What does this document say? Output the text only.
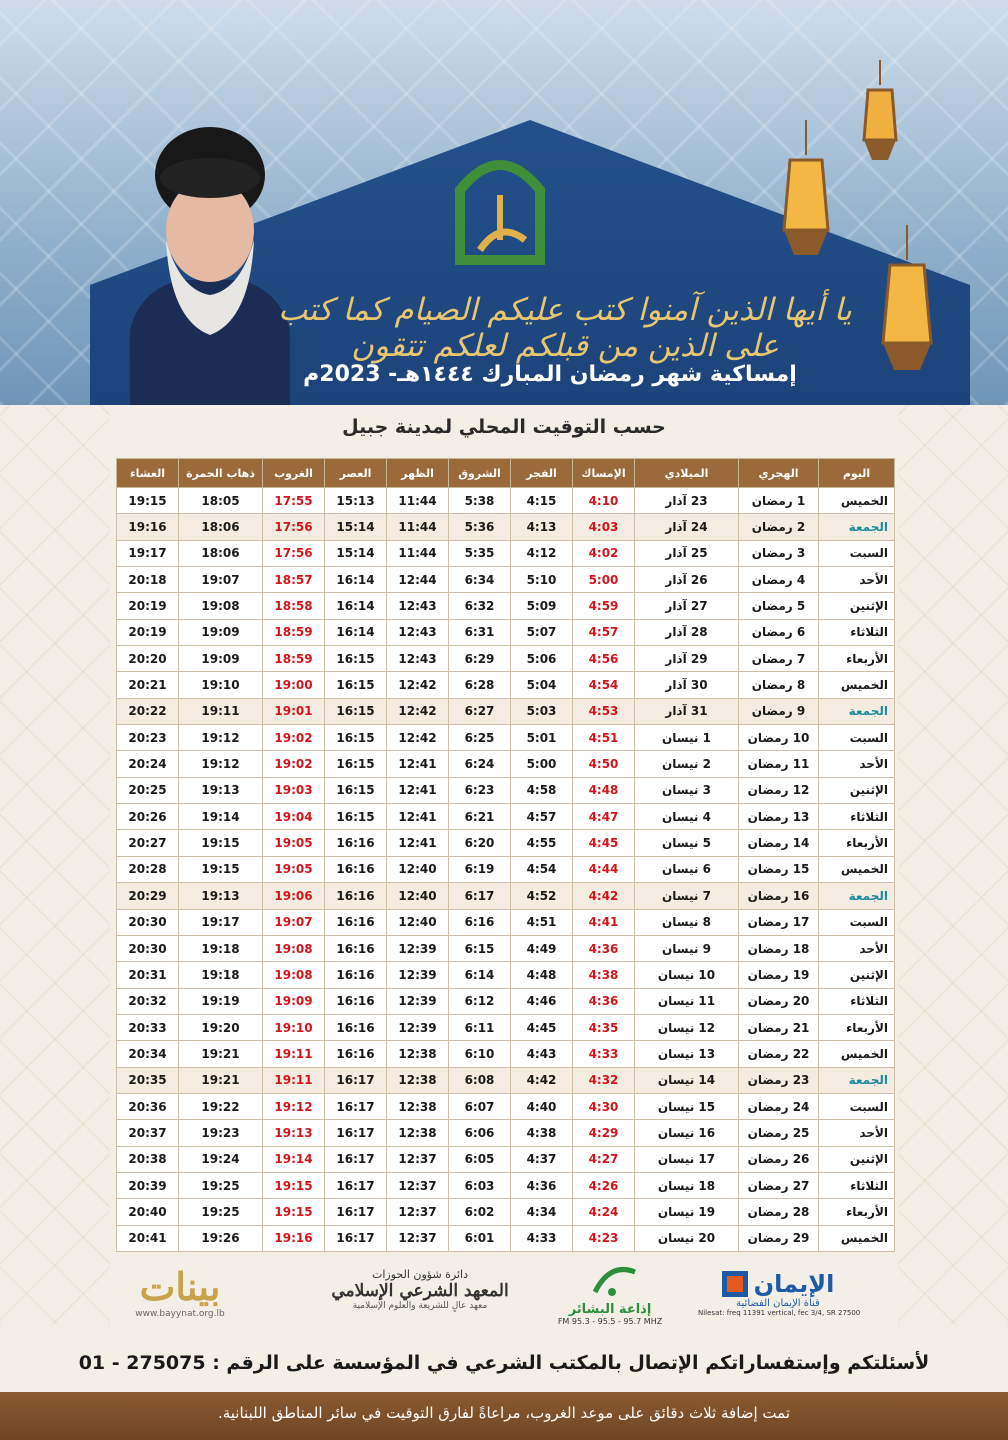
يا أيها الذين آمنوا كتب عليكم الصيام كما كتب على الذين من قبلكم لعلكم تتقون
إمساكية شهر رمضان المبارك ١٤٤٤هـ- 2023م
حسب التوقيت المحلي لمدينة جبيل
اليوم	الهجري	الميلادي	الإمساك	الفجر	الشروق	الظهر	العصر	الغروب	ذهاب الحمرة	العشاء
الخميس	1 رمضان	23 آذار	4:10	4:15	5:38	11:44	15:13	17:55	18:05	19:15
الجمعة	2 رمضان	24 آذار	4:03	4:13	5:36	11:44	15:14	17:56	18:06	19:16
السبت	3 رمضان	25 آذار	4:02	4:12	5:35	11:44	15:14	17:56	18:06	19:17
الأحد	4 رمضان	26 آذار	5:00	5:10	6:34	12:44	16:14	18:57	19:07	20:18
الإثنين	5 رمضان	27 آذار	4:59	5:09	6:32	12:43	16:14	18:58	19:08	20:19
الثلاثاء	6 رمضان	28 آذار	4:57	5:07	6:31	12:43	16:14	18:59	19:09	20:19
الأربعاء	7 رمضان	29 آذار	4:56	5:06	6:29	12:43	16:15	18:59	19:09	20:20
الخميس	8 رمضان	30 آذار	4:54	5:04	6:28	12:42	16:15	19:00	19:10	20:21
الجمعة	9 رمضان	31 آذار	4:53	5:03	6:27	12:42	16:15	19:01	19:11	20:22
السبت	10 رمضان	1 نيسان	4:51	5:01	6:25	12:42	16:15	19:02	19:12	20:23
الأحد	11 رمضان	2 نيسان	4:50	5:00	6:24	12:41	16:15	19:02	19:12	20:24
الإثنين	12 رمضان	3 نيسان	4:48	4:58	6:23	12:41	16:15	19:03	19:13	20:25
الثلاثاء	13 رمضان	4 نيسان	4:47	4:57	6:21	12:41	16:15	19:04	19:14	20:26
الأربعاء	14 رمضان	5 نيسان	4:45	4:55	6:20	12:41	16:16	19:05	19:15	20:27
الخميس	15 رمضان	6 نيسان	4:44	4:54	6:19	12:40	16:16	19:05	19:15	20:28
الجمعة	16 رمضان	7 نيسان	4:42	4:52	6:17	12:40	16:16	19:06	19:13	20:29
السبت	17 رمضان	8 نيسان	4:41	4:51	6:16	12:40	16:16	19:07	19:17	20:30
الأحد	18 رمضان	9 نيسان	4:36	4:49	6:15	12:39	16:16	19:08	19:18	20:30
الإثنين	19 رمضان	10 نيسان	4:38	4:48	6:14	12:39	16:16	19:08	19:18	20:31
الثلاثاء	20 رمضان	11 نيسان	4:36	4:46	6:12	12:39	16:16	19:09	19:19	20:32
الأربعاء	21 رمضان	12 نيسان	4:35	4:45	6:11	12:39	16:16	19:10	19:20	20:33
الخميس	22 رمضان	13 نيسان	4:33	4:43	6:10	12:38	16:16	19:11	19:21	20:34
الجمعة	23 رمضان	14 نيسان	4:32	4:42	6:08	12:38	16:17	19:11	19:21	20:35
السبت	24 رمضان	15 نيسان	4:30	4:40	6:07	12:38	16:17	19:12	19:22	20:36
الأحد	25 رمضان	16 نيسان	4:29	4:38	6:06	12:38	16:17	19:13	19:23	20:37
الإثنين	26 رمضان	17 نيسان	4:27	4:37	6:05	12:37	16:17	19:14	19:24	20:38
الثلاثاء	27 رمضان	18 نيسان	4:26	4:36	6:03	12:37	16:17	19:15	19:25	20:39
الأربعاء	28 رمضان	19 نيسان	4:24	4:34	6:02	12:37	16:17	19:15	19:25	20:40
الخميس	29 رمضان	20 نيسان	4:23	4:33	6:01	12:37	16:17	19:16	19:26	20:41
بينات
www.bayynat.org.lb
دائرة شؤون الحوزات
المعهد الشرعي الإسلامي
معهد عالٍ للشريعة والعلوم الإسلامية	إذاعة البشائر
FM 95.3 - 95.5 - 95.7 MHZ
الإيمان
قناة الإيمان الفضائية
Nilesat: freq 11391 vertical, fec 3/4, SR 27500
لأسئلتكم وإستفساراتكم الإتصال بالمكتب الشرعي في المؤسسة على الرقم : 275075 - 01
تمت إضافة ثلاث دقائق على موعد الغروب، مراعاةً لفارق التوقيت في سائر المناطق اللبنانية.
